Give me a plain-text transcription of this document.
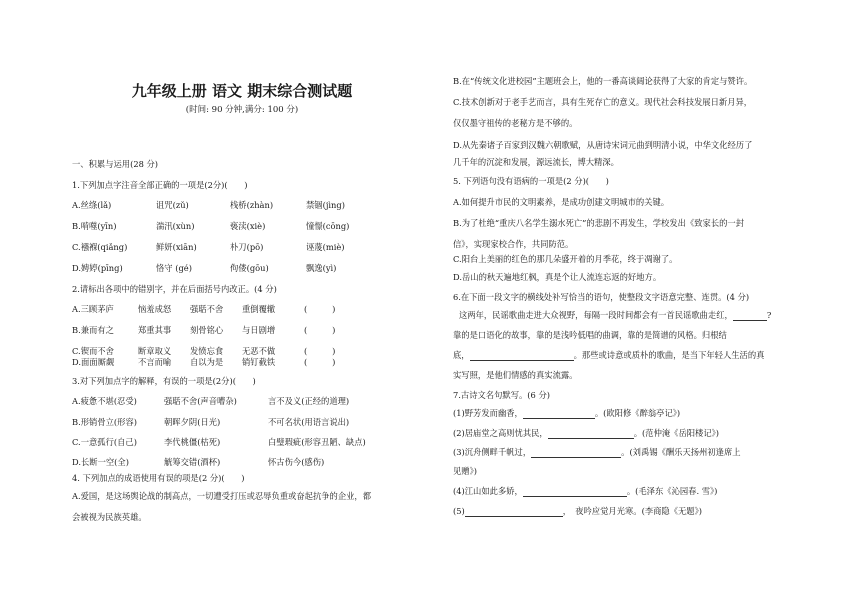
九年级上册 语文 期末综合测试题
(时间: 90 分钟,满分: 100 分)
一、积累与运用(28 分)
1.下列加点字注音全部正确的一项是(2分)(　　)
A.丝绦(lǎ)	诅咒(zǔ)	栈桥(zhàn)	禁锢(jìng)
B.啃噬(yīn)	湍汛(xùn)	亵渎(xiè)	憧憬(cōng)
C.襁褓(qiǎng)	鲜妍(xiān)	朴刀(pō)	诬蔑(miè)
D.娉婷(pīng)	恪守 (gé)	佝偻(gōu)	飘逸(yì)
2.请标出各项中的错别字，并在后面括号内改正。(4 分)
A.三顾茅庐	恼羞成怒 强聒不舍 重倒覆辙	(　　　)
B.兼而有之	郑重其事 刻骨铭心 与日剧增	(　　　)
C.锲而不舍	断章取义 发愤忘食 无恶不做	(　　　)
D.面面厮觑	不言而喻 自以为是 销钉截铁	(　　　)
3.对下列加点字的解释，有误的一项是(2分)(　　)
A.疲惫不堪(忍受)	强聒不舍(声音嘈杂)	言不及义(正经的道理)
B.形销骨立(形容)	朝晖夕阴(日光)	不可名状(用语言说出)
C.一意孤行(自己)	李代桃僵(枯死)	白璧瑕疵(形容丑陋、缺点)
D.长断一空(全)	觥筹交错(酒杯)	怀古伤今(感伤)
4. 下列加点的成语使用有误的项是(2 分)(　　)
A.爱国，是这场舆论战的制高点，一切遭受打压或忍辱负重或奋起抗争的企业，都
会被视为民族英雄。
B.在“传统文化进校园”主题班会上，他的一番高谈阔论获得了大家的肯定与赞许。
C.技术创新对于老手艺而言，具有生死存亡的意义。现代社会科技发展日新月异，
仅仅墨守祖传的老秘方是不够的。
D.从先秦诸子百家到汉魏六朝歌赋，从唐诗宋词元曲到明清小说，中华文化经历了
几千年的沉淀和发展，源远流长，博大精深。
5. 下列语句没有语病的一项是(2 分)(　　)
A.如何提升市民的文明素养，是成功创建文明城市的关键。
B.为了杜绝“重庆八名学生溺水死亡”的悲剧不再发生，学校发出《致家长的一封
信》，实现家校合作，共同防范。
C.阳台上美丽的红色的那几朵盛开着的月季花，终于凋谢了。
D.岳山的秋天遍地红枫，真是个让人流连忘返的好地方。
6.在下面一段文字的横线处补写恰当的语句，使整段文字语意完整、连贯。(4 分)
这两年，民谣歌曲走进大众视野，每隔一段时间都会有一首民谣歌曲走红，	?
靠的是口语化的故事，靠的是浅吟低唱的曲调，靠的是简谱的风格。归根结
底，	。那些或诗意或质朴的歌曲，是当下年轻人生活的真
实写照，是他们情感的真实流露。
7.古诗文名句默写。(6 分)
(1)野芳发而幽香，	。(欧阳修《醉翁亭记》)
(2)居庙堂之高则忧其民，	。(范仲淹《岳阳楼记》)
(3)沉舟侧畔千帆过，	。(刘禹锡《酬乐天扬州初逢席上
见赠》)
(4)江山如此多娇，	。(毛泽东《沁园春. 雪》)
(5)	，　夜吟应觉月光寒。(李商隐《无题》)
